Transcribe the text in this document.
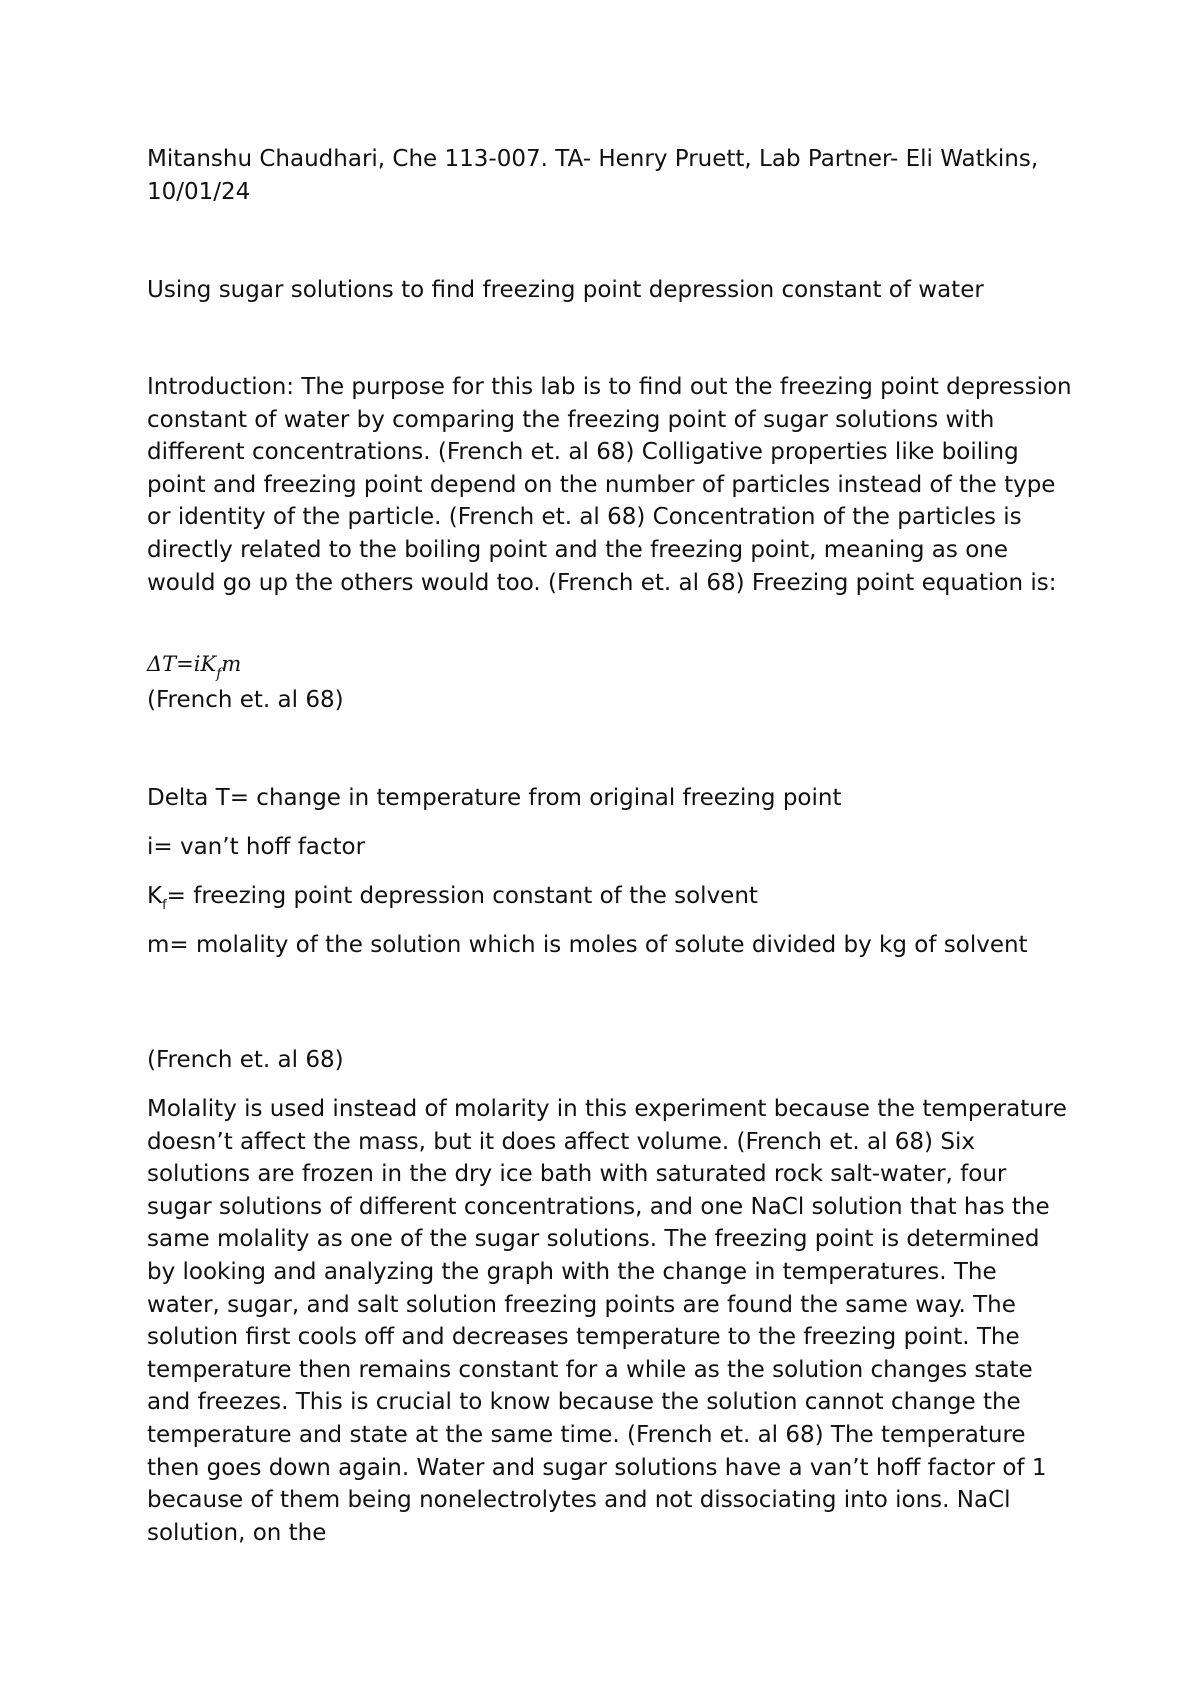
Mitanshu Chaudhari, Che 113-007. TA- Henry Pruett, Lab Partner- Eli Watkins, 10/01/24

Using sugar solutions to find freezing point depression constant of water

Introduction: The purpose for this lab is to find out the freezing point depression constant of water by comparing the freezing point of sugar solutions with different concentrations. (French et. al 68) Colligative properties like boiling point and freezing point depend on the number of particles instead of the type or identity of the particle. (French et. al 68) Concentration of the particles is directly related to the boiling point and the freezing point, meaning as one would go up the others would too. (French et. al 68) Freezing point equation is:

$\Delta T=iK_fm$

(French et. al 68)

Delta T= change in temperature from original freezing point

i= van’t hoff factor

$K_f=$ freezing point depression constant of the solvent

m= molality of the solution which is moles of solute divided by kg of solvent

(French et. al 68)

Molality is used instead of molarity in this experiment because the temperature doesn’t affect the mass, but it does affect volume. (French et. al 68) Six solutions are frozen in the dry ice bath with saturated rock salt-water, four sugar solutions of different concentrations, and one NaCl solution that has the same molality as one of the sugar solutions. The freezing point is determined by looking and analyzing the graph with the change in temperatures. The water, sugar, and salt solution freezing points are found the same way. The solution first cools off and decreases temperature to the freezing point. The temperature then remains constant for a while as the solution changes state and freezes. This is crucial to know because the solution cannot change the temperature and state at the same time. (French et. al 68) The temperature then goes down again. Water and sugar solutions have a van’t hoff factor of 1 because of them being nonelectrolytes and not dissociating into ions. NaCl solution, on the
